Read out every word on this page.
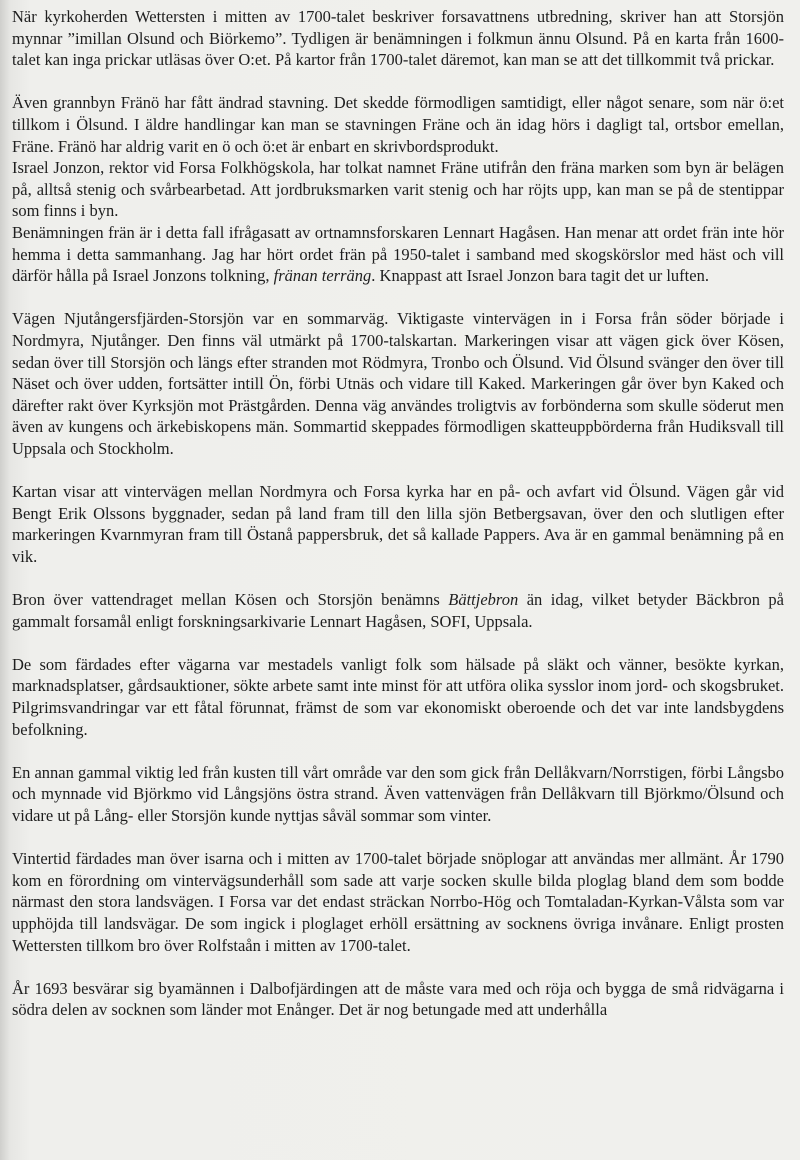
När kyrkoherden Wettersten i mitten av 1700-talet beskriver forsavattnens utbredning, skriver han att Storsjön mynnar ”imillan Olsund och Biörkemo”. Tydligen är benämningen i folkmun ännu Olsund. På en karta från 1600-talet kan inga prickar utläsas över O:et. På kartor från 1700-talet däremot, kan man se att det tillkommit två prickar.

Även grannbyn Fränö har fått ändrad stavning. Det skedde förmodligen samtidigt, eller något senare, som när ö:et tillkom i Ölsund. I äldre handlingar kan man se stavningen Fräne och än idag hörs i dagligt tal, ortsbor emellan, Fräne. Fränö har aldrig varit en ö och ö:et är enbart en skrivbordsprodukt.

Israel Jonzon, rektor vid Forsa Folkhögskola, har tolkat namnet Fräne utifrån den fräna marken som byn är belägen på, alltså stenig och svårbearbetad. Att jordbruksmarken varit stenig och har röjts upp, kan man se på de stentippar som finns i byn.

Benämningen frän är i detta fall ifrågasatt av ortnamnsforskaren Lennart Hagåsen. Han menar att ordet frän inte hör hemma i detta sammanhang. Jag har hört ordet frän på 1950-talet i samband med skogskörslor med häst och vill därför hålla på Israel Jonzons tolkning, fränan terräng. Knappast att Israel Jonzon bara tagit det ur luften.

Vägen Njutångersfjärden-Storsjön var en sommarväg. Viktigaste vintervägen in i Forsa från söder började i Nordmyra, Njutånger. Den finns väl utmärkt på 1700-talskartan. Markeringen visar att vägen gick över Kösen, sedan över till Storsjön och längs efter stranden mot Rödmyra, Tronbo och Ölsund. Vid Ölsund svänger den över till Näset och över udden, fortsätter intill Ön, förbi Utnäs och vidare till Kaked. Markeringen går över byn Kaked och därefter rakt över Kyrksjön mot Prästgården. Denna väg användes troligtvis av forbönderna som skulle söderut men även av kungens och ärkebiskopens män. Sommartid skeppades förmodligen skatteuppbörderna från Hudiksvall till Uppsala och Stockholm.

Kartan visar att vintervägen mellan Nordmyra och Forsa kyrka har en på- och avfart vid Ölsund. Vägen går vid Bengt Erik Olssons byggnader, sedan på land fram till den lilla sjön Betbergsavan, över den och slutligen efter markeringen Kvarnmyran fram till Östanå pappersbruk, det så kallade Pappers. Ava är en gammal benämning på en vik.

Bron över vattendraget mellan Kösen och Storsjön benämns Bättjebron än idag, vilket betyder Bäckbron på gammalt forsamål enligt forskningsarkivarie Lennart Hagåsen, SOFI, Uppsala.

De som färdades efter vägarna var mestadels vanligt folk som hälsade på släkt och vänner, besökte kyrkan, marknadsplatser, gårdsauktioner, sökte arbete samt inte minst för att utföra olika sysslor inom jord- och skogsbruket. Pilgrimsvandringar var ett fåtal förunnat, främst de som var ekonomiskt oberoende och det var inte landsbygdens befolkning.

En annan gammal viktig led från kusten till vårt område var den som gick från Dellåkvarn/Norrstigen, förbi Långsbo och mynnade vid Björkmo vid Långsjöns östra strand. Även vattenvägen från Dellåkvarn till Björkmo/Ölsund och vidare ut på Lång- eller Storsjön kunde nyttjas såväl sommar som vinter.

Vintertid färdades man över isarna och i mitten av 1700-talet började snöplogar att användas mer allmänt. År 1790 kom en förordning om vintervägsunderhåll som sade att varje socken skulle bilda ploglag bland dem som bodde närmast den stora landsvägen. I Forsa var det endast sträckan Norrbo-Hög och Tomtaladan-Kyrkan-Vålsta som var upphöjda till landsvägar. De som ingick i ploglaget erhöll ersättning av socknens övriga invånare. Enligt prosten Wettersten tillkom bro över Rolfstaån i mitten av 1700-talet.

År 1693 besvärar sig byamännen i Dalbofjärdingen att de måste vara med och röja och bygga de små ridvägarna i södra delen av socknen som länder mot Enånger. Det är nog betungade med att underhålla
